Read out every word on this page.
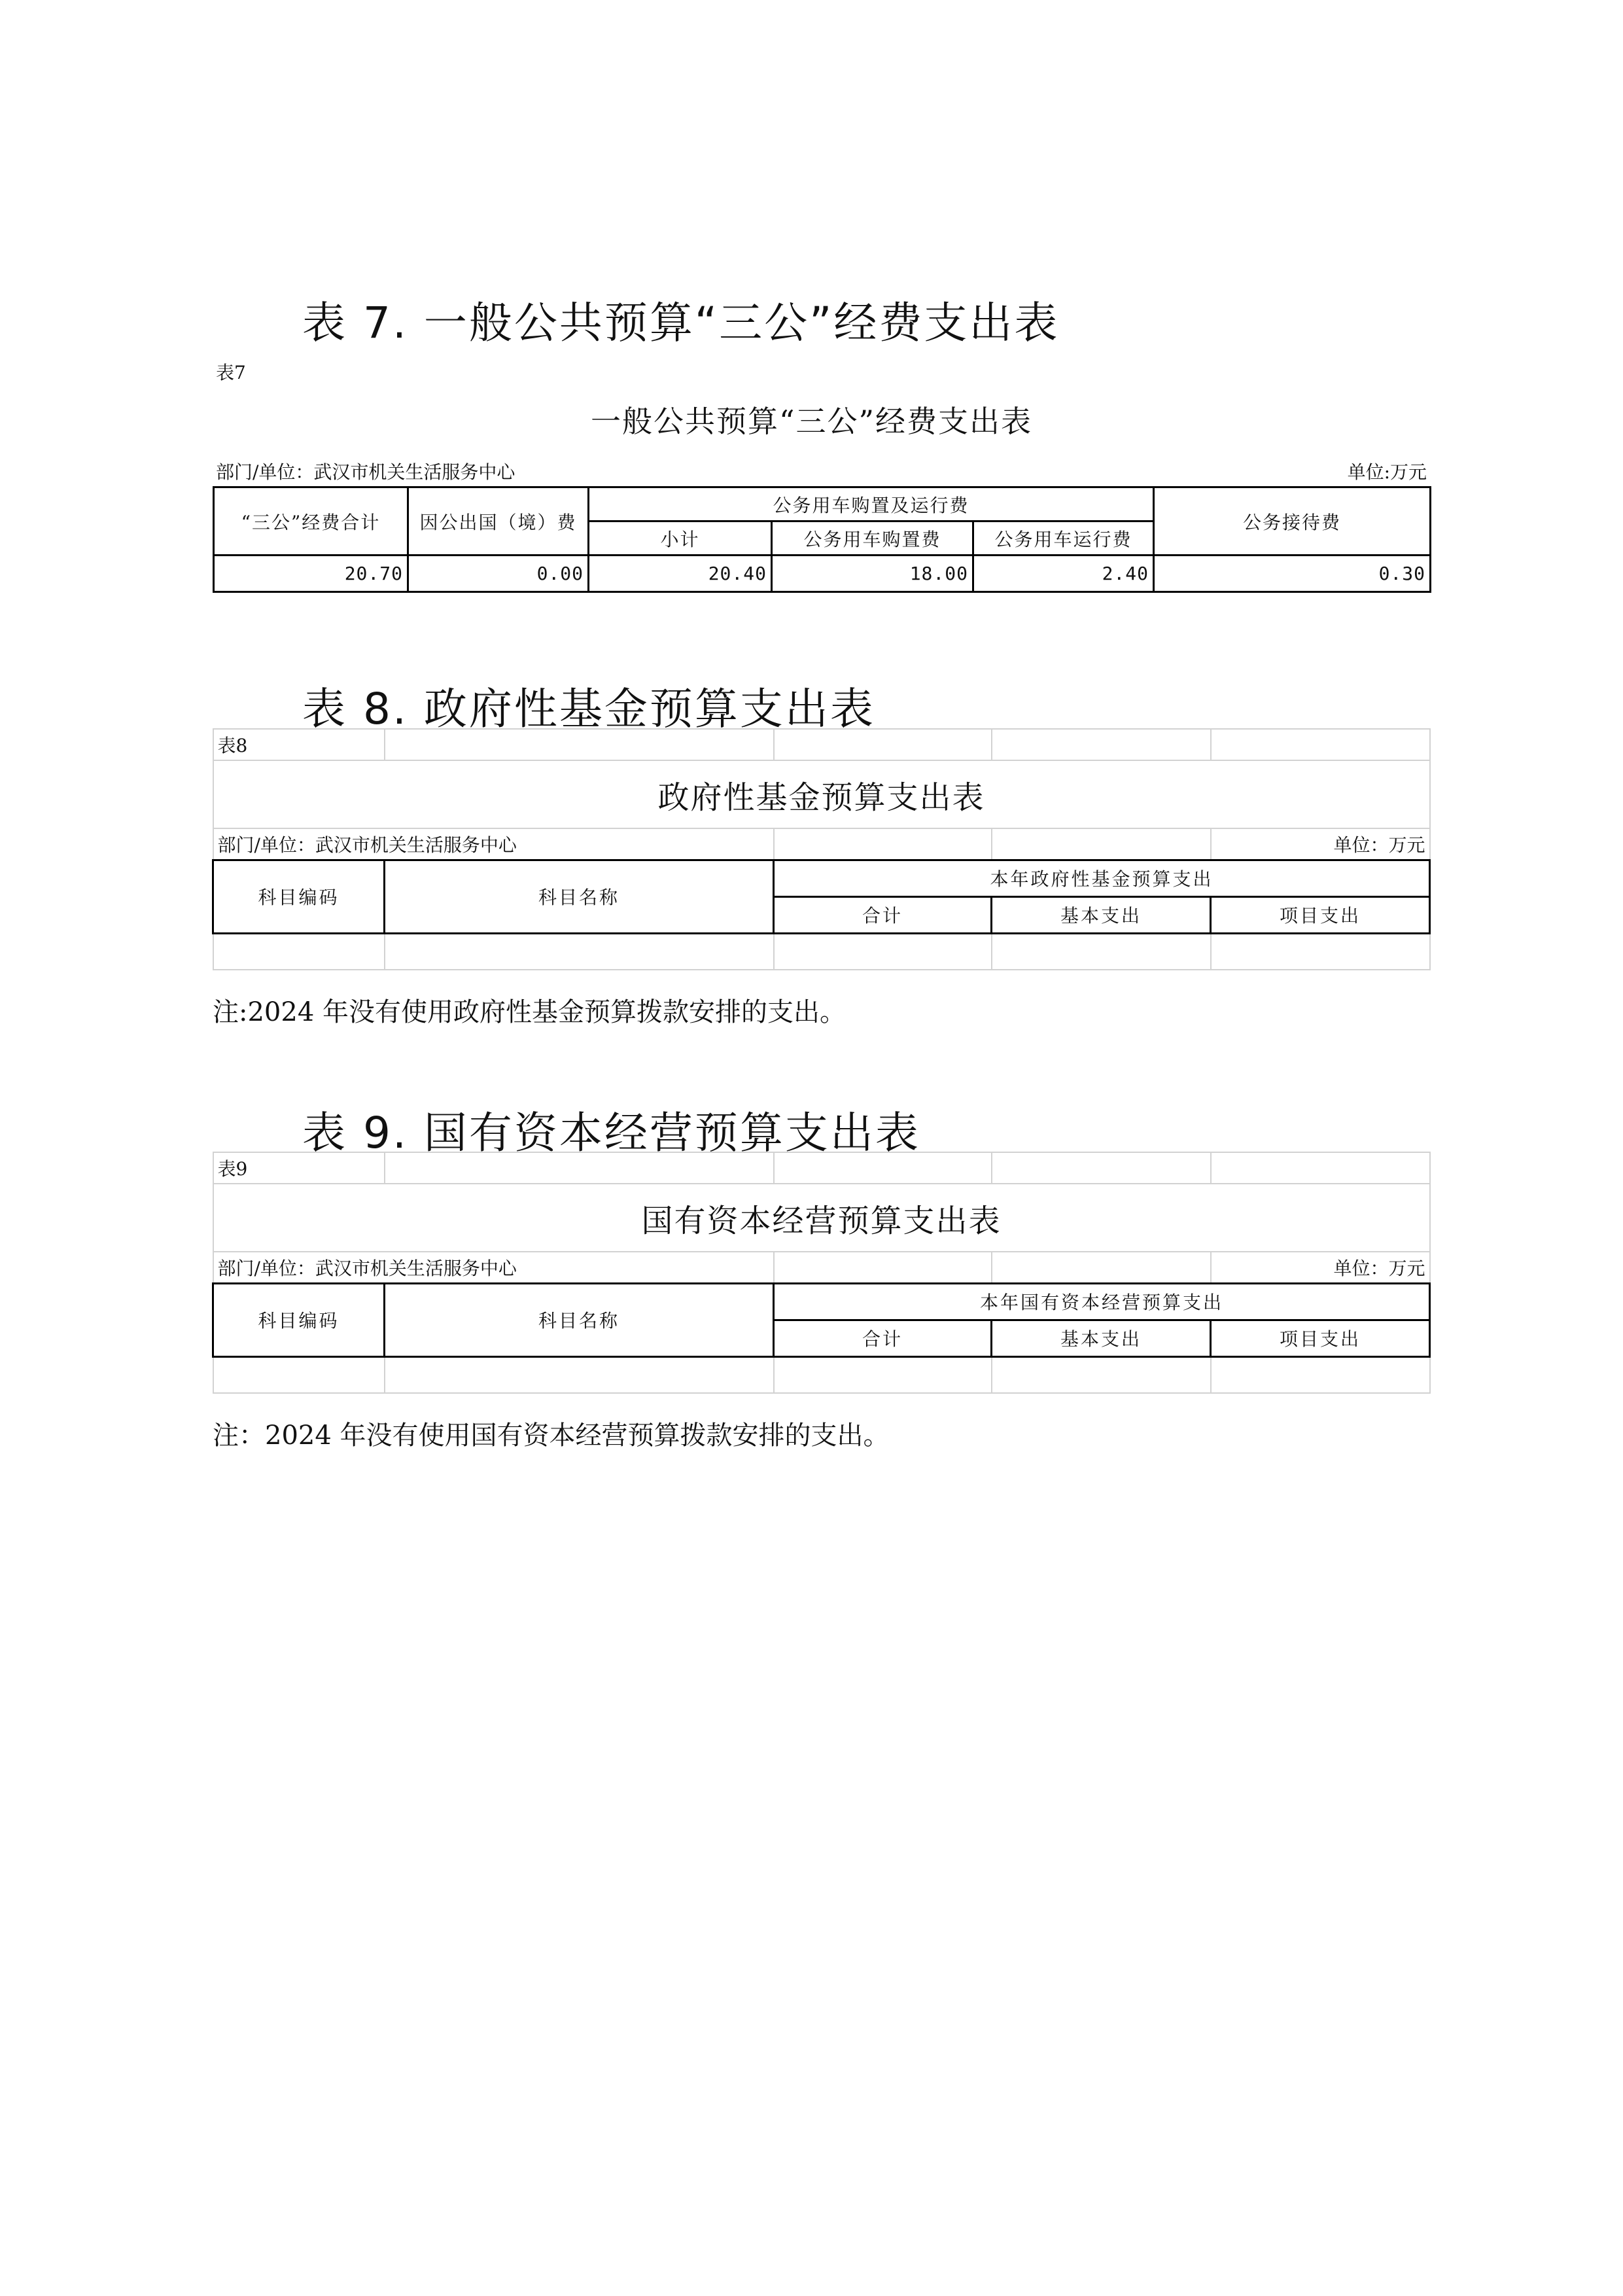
表 7. 一般公共预算“三公”经费支出表
表7
一般公共预算“三公”经费支出表
部门/单位：武汉市机关生活服务中心	单位:万元
“三公”经费合计	因公出国（境）费	公务用车购置及运行费			公务接待费
		小计	公务用车购置费	公务用车运行费	
20.70	0.00	20.40	18.00	2.40	0.30
表 8. 政府性基金预算支出表
表8				
政府性基金预算支出表				
部门/单位：武汉市机关生活服务中心				单位：万元
科目编码	科目名称	本年政府性基金预算支出		
		合计	基本支出	项目支出

注:2024 年没有使用政府性基金预算拨款安排的支出。
表 9. 国有资本经营预算支出表
表9				
国有资本经营预算支出表				
部门/单位：武汉市机关生活服务中心				单位：万元
科目编码	科目名称	本年国有资本经营预算支出		
		合计	基本支出	项目支出

注：2024 年没有使用国有资本经营预算拨款安排的支出。
